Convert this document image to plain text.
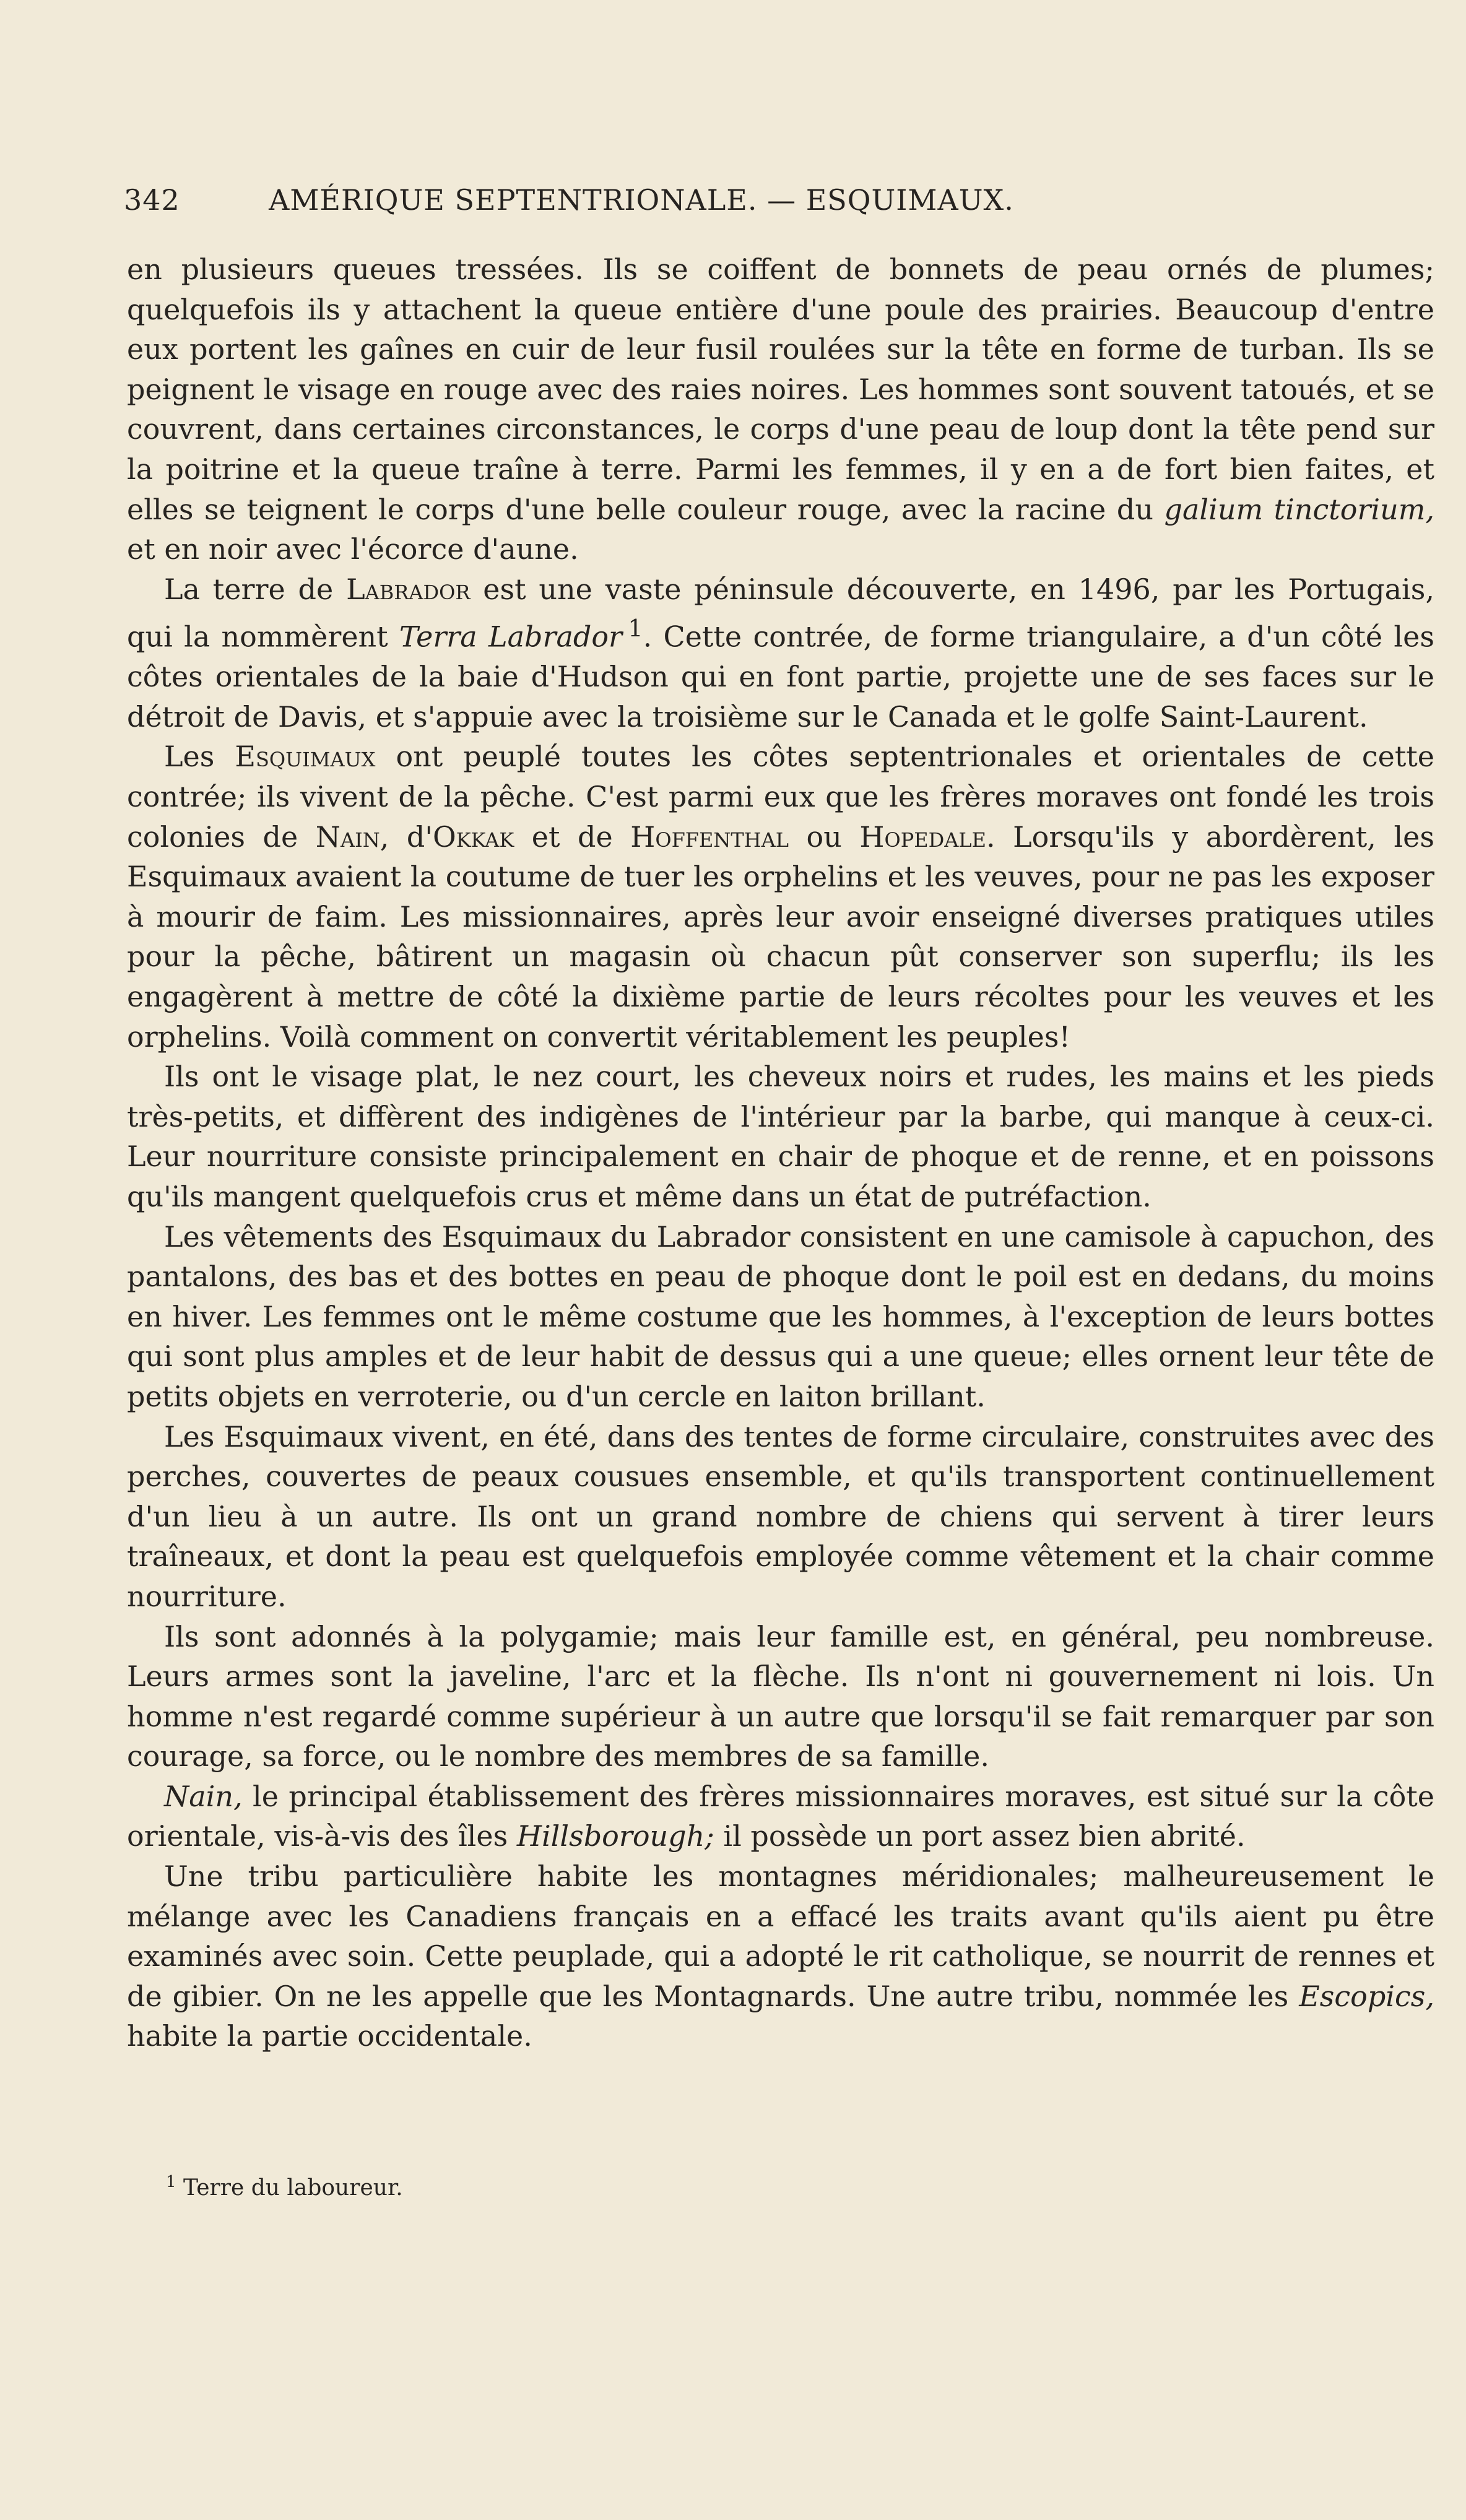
342	AMÉRIQUE SEPTENTRIONALE. — ESQUIMAUX.

en plusieurs queues tressées. Ils se coiffent de bonnets de peau ornés de plumes; quelquefois ils y attachent la queue entière d'une poule des prairies. Beaucoup d'entre eux portent les gaînes en cuir de leur fusil roulées sur la tête en forme de turban. Ils se peignent le visage en rouge avec des raies noires. Les hommes sont souvent tatoués, et se couvrent, dans certaines circonstances, le corps d'une peau de loup dont la tête pend sur la poitrine et la queue traîne à terre. Parmi les femmes, il y en a de fort bien faites, et elles se teignent le corps d'une belle couleur rouge, avec la racine du galium tinctorium, et en noir avec l'écorce d'aune.

La terre de Labrador est une vaste péninsule découverte, en 1496, par les Portugais, qui la nommèrent Terra Labrador  $^1$. Cette contrée, de forme triangulaire, a d'un côté les côtes orientales de la baie d'Hudson qui en font partie, projette une de ses faces sur le détroit de Davis, et s'appuie avec la troisième sur le Canada et le golfe Saint-Laurent.

Les Esquimaux ont peuplé toutes les côtes septentrionales et orientales de cette contrée; ils vivent de la pêche. C'est parmi eux que les frères moraves ont fondé les trois colonies de Nain, d'Okkak et de Hoffenthal ou Hopedale. Lorsqu'ils y abordèrent, les Esquimaux avaient la coutume de tuer les orphelins et les veuves, pour ne pas les exposer à mourir de faim. Les missionnaires, après leur avoir enseigné diverses pratiques utiles pour la pêche, bâtirent un magasin où chacun pût conserver son superflu; ils les engagèrent à mettre de côté la dixième partie de leurs récoltes pour les veuves et les orphelins. Voilà comment on convertit véritablement les peuples!

Ils ont le visage plat, le nez court, les cheveux noirs et rudes, les mains et les pieds très-petits, et diffèrent des indigènes de l'intérieur par la barbe, qui manque à ceux-ci. Leur nourriture consiste principalement en chair de phoque et de renne, et en poissons qu'ils mangent quelquefois crus et même dans un état de putréfaction.

Les vêtements des Esquimaux du Labrador consistent en une camisole à capuchon, des pantalons, des bas et des bottes en peau de phoque dont le poil est en dedans, du moins en hiver. Les femmes ont le même costume que les hommes, à l'exception de leurs bottes qui sont plus amples et de leur habit de dessus qui a une queue; elles ornent leur tête de petits objets en verroterie, ou d'un cercle en laiton brillant.

Les Esquimaux vivent, en été, dans des tentes de forme circulaire, construites avec des perches, couvertes de peaux cousues ensemble, et qu'ils transportent continuellement d'un lieu à un autre. Ils ont un grand nombre de chiens qui servent à tirer leurs traîneaux, et dont la peau est quelquefois employée comme vêtement et la chair comme nourriture.

Ils sont adonnés à la polygamie; mais leur famille est, en général, peu nombreuse. Leurs armes sont la javeline, l'arc et la flèche. Ils n'ont ni gouvernement ni lois. Un homme n'est regardé comme supérieur à un autre que lorsqu'il se fait remarquer par son courage, sa force, ou le nombre des membres de sa famille.

Nain, le principal établissement des frères missionnaires moraves, est situé sur la côte orientale, vis-à-vis des îles Hillsborough; il possède un port assez bien abrité.

Une tribu particulière habite les montagnes méridionales; malheureusement le mélange avec les Canadiens français en a effacé les traits avant qu'ils aient pu être examinés avec soin. Cette peuplade, qui a adopté le rit catholique, se nourrit de rennes et de gibier. On ne les appelle que les Montagnards. Une autre tribu, nommée les Escopics, habite la partie occidentale.

$^1$ Terre du laboureur.
